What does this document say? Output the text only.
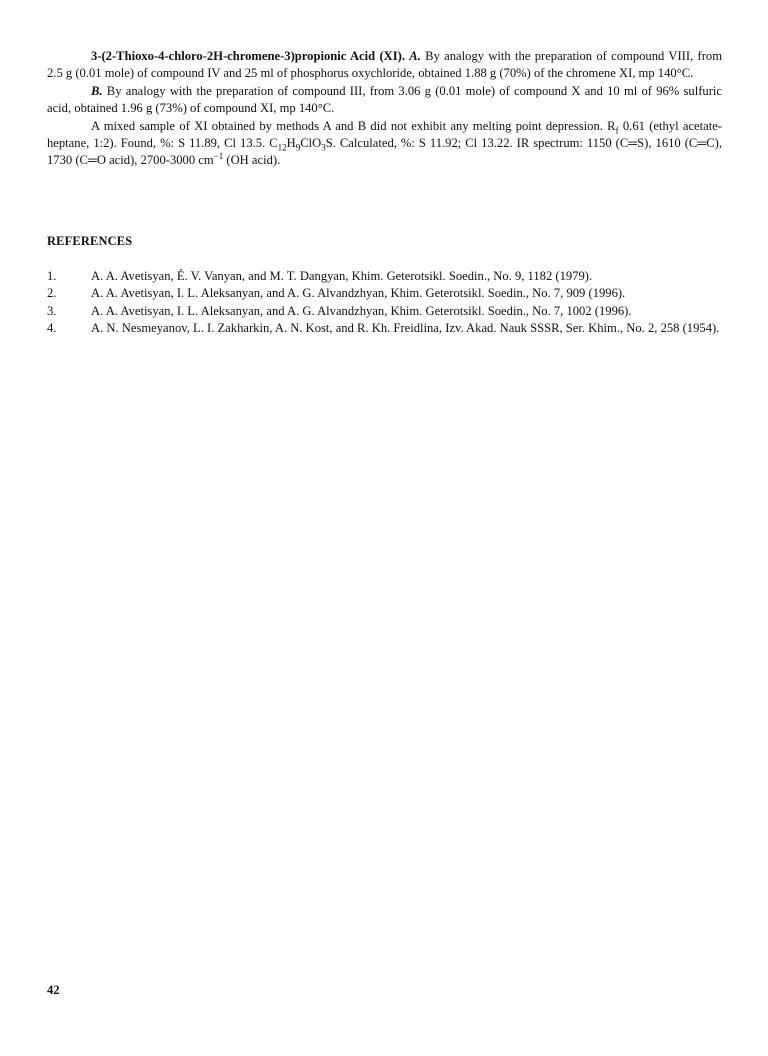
3-(2-Thioxo-4-chloro-2H-chromene-3)propionic Acid (XI). A. By analogy with the preparation of compound VIII, from 2.5 g (0.01 mole) of compound IV and 25 ml of phosphorus oxychloride, obtained 1.88 g (70%) of the chromene XI, mp 140°C.

B. By analogy with the preparation of compound III, from 3.06 g (0.01 mole) of compound X and 10 ml of 96% sulfuric acid, obtained 1.96 g (73%) of compound XI, mp 140°C.

A mixed sample of XI obtained by methods A and B did not exhibit any melting point depression. $R_f$ 0.61 (ethyl acetate-heptane, 1:2). Found, %: S 11.89, Cl 13.5. $C_{12}H_9ClO_3S$. Calculated, %: S 11.92; Cl 13.22. IR spectrum: 1150 (C═S), 1610 (C═C), 1730 (C═O acid), 2700-3000 $cm^{-1}$ (OH acid).

REFERENCES
1.	A. A. Avetisyan, É. V. Vanyan, and M. T. Dangyan, Khim. Geterotsikl. Soedin., No. 9, 1182 (1979).
2.	A. A. Avetisyan, I. L. Aleksanyan, and A. G. Alvandzhyan, Khim. Geterotsikl. Soedin., No. 7, 909 (1996).
3.	A. A. Avetisyan, I. L. Aleksanyan, and A. G. Alvandzhyan, Khim. Geterotsikl. Soedin., No. 7, 1002 (1996).
4.	A. N. Nesmeyanov, L. I. Zakharkin, A. N. Kost, and R. Kh. Freidlina, Izv. Akad. Nauk SSSR, Ser. Khim., No. 2, 258 (1954).
42
